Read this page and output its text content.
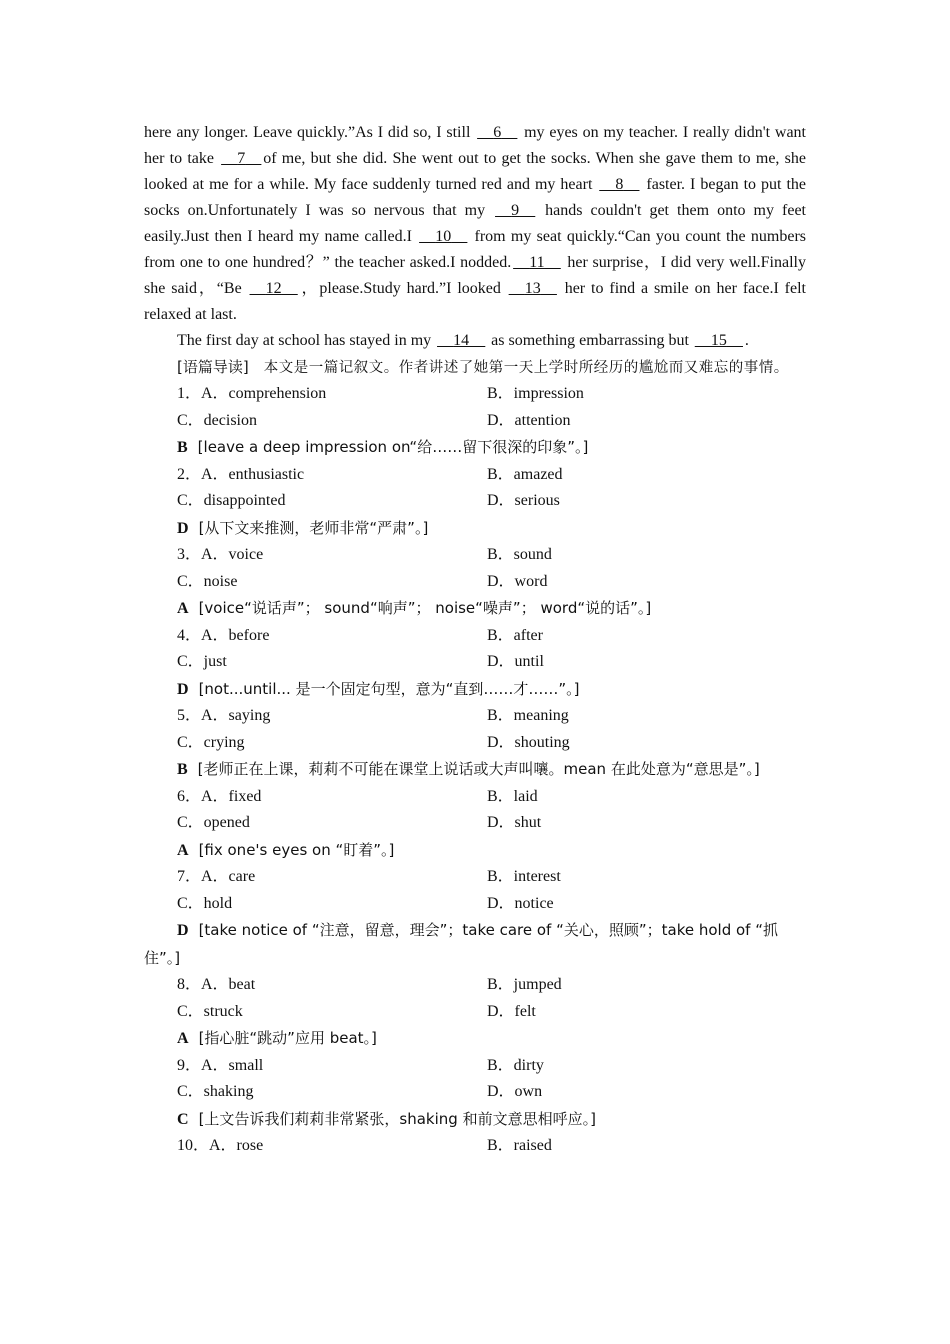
here any longer. Leave quickly.”As I did so, I still __6__ my eyes on my teacher. I really didn't want her to take __7__ of me, but she did. She went out to get the socks. When she gave them to me, she looked at me for a while. My face suddenly turned red and my heart __8__ faster. I began to put the socks on.Unfortunately I was so nervous that my __9__ hands couldn't get them onto my feet easily.Just then I heard my name called.I __10__ from my seat quickly.“Can you count the numbers from one to one hundred？” the teacher asked.I nodded. __11__ her surprise，I did very well.Finally she said，“Be __12__ ，please.Study hard.”I looked __13__ her to find a smile on her face.I felt relaxed at last.

The first day at school has stayed in my __14__ as something embarrassing but __15__ .

[语篇导读]　本文是一篇记叙文。作者讲述了她第一天上学时所经历的尴尬而又难忘的事情。

1．A．comprehension	B．impression
C．decision	D．attention

B [leave a deep impression on“给……留下很深的印象”。]

2．A．enthusiastic	B．amazed
C．disappointed	D．serious

D [从下文来推测，老师非常“严肃”。]

3．A．voice	B．sound
C．noise	D．word

A [voice“说话声”； sound“响声”； noise“噪声”； word“说的话”。]

4．A．before	B．after
C．just	D．until

D [not...until... 是一个固定句型，意为“直到……才……”。]

5．A．saying	B．meaning
C．crying	D．shouting

B [老师正在上课，莉莉不可能在课堂上说话或大声叫嚷。mean 在此处意为“意思是”。]

6．A．fixed	B．laid
C．opened	D．shut

A [fix one's eyes on “盯着”。]

7．A．care	B．interest
C．hold	D．notice

D [take notice of “注意，留意，理会”；take care of “关心，照顾”；take hold of “抓住”。]

8．A．beat	B．jumped
C．struck	D．felt

A [指心脏“跳动”应用 beat。]

9．A．small	B．dirty
C．shaking	D．own

C [上文告诉我们莉莉非常紧张，shaking 和前文意思相呼应。]

10．A．rose	B．raised
